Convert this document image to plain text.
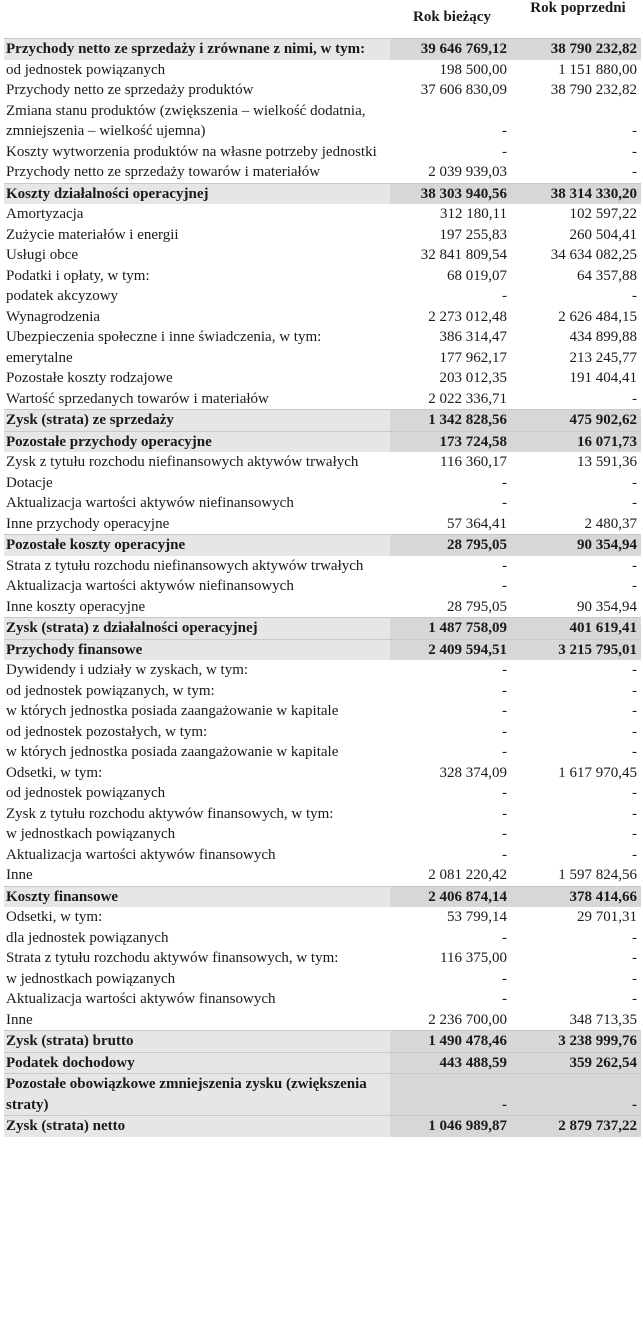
Rok bieżący
Rok poprzedni
Przychody netto ze sprzedaży i zrównane z nimi, w tym:	39 646 769,12	38 790 232,82
od jednostek powiązanych	198 500,00	1 151 880,00
Przychody netto ze sprzedaży produktów	37 606 830,09	38 790 232,82
Zmiana stanu produktów (zwiększenia – wielkość dodatnia, zmniejszenia – wielkość ujemna)	-	-
Koszty wytworzenia produktów na własne potrzeby jednostki	-	-
Przychody netto ze sprzedaży towarów i materiałów	2 039 939,03	-
Koszty działalności operacyjnej	38 303 940,56	38 314 330,20
Amortyzacja	312 180,11	102 597,22
Zużycie materiałów i energii	197 255,83	260 504,41
Usługi obce	32 841 809,54	34 634 082,25
Podatki i opłaty, w tym:	68 019,07	64 357,88
podatek akcyzowy	-	-
Wynagrodzenia	2 273 012,48	2 626 484,15
Ubezpieczenia społeczne i inne świadczenia, w tym:	386 314,47	434 899,88
emerytalne	177 962,17	213 245,77
Pozostałe koszty rodzajowe	203 012,35	191 404,41
Wartość sprzedanych towarów i materiałów	2 022 336,71	-
Zysk (strata) ze sprzedaży	1 342 828,56	475 902,62
Pozostałe przychody operacyjne	173 724,58	16 071,73
Zysk z tytułu rozchodu niefinansowych aktywów trwałych	116 360,17	13 591,36
Dotacje	-	-
Aktualizacja wartości aktywów niefinansowych	-	-
Inne przychody operacyjne	57 364,41	2 480,37
Pozostałe koszty operacyjne	28 795,05	90 354,94
Strata z tytułu rozchodu niefinansowych aktywów trwałych	-	-
Aktualizacja wartości aktywów niefinansowych	-	-
Inne koszty operacyjne	28 795,05	90 354,94
Zysk (strata) z działalności operacyjnej	1 487 758,09	401 619,41
Przychody finansowe	2 409 594,51	3 215 795,01
Dywidendy i udziały w zyskach, w tym:	-	-
od jednostek powiązanych, w tym:	-	-
w których jednostka posiada zaangażowanie w kapitale	-	-
od jednostek pozostałych, w tym:	-	-
w których jednostka posiada zaangażowanie w kapitale	-	-
Odsetki, w tym:	328 374,09	1 617 970,45
od jednostek powiązanych	-	-
Zysk z tytułu rozchodu aktywów finansowych, w tym:	-	-
w jednostkach powiązanych	-	-
Aktualizacja wartości aktywów finansowych	-	-
Inne	2 081 220,42	1 597 824,56
Koszty finansowe	2 406 874,14	378 414,66
Odsetki, w tym:	53 799,14	29 701,31
dla jednostek powiązanych	-	-
Strata z tytułu rozchodu aktywów finansowych, w tym:	116 375,00	-
w jednostkach powiązanych	-	-
Aktualizacja wartości aktywów finansowych	-	-
Inne	2 236 700,00	348 713,35
Zysk (strata) brutto	1 490 478,46	3 238 999,76
Podatek dochodowy	443 488,59	359 262,54
Pozostałe obowiązkowe zmniejszenia zysku (zwiększenia straty)	-	-
Zysk (strata) netto	1 046 989,87	2 879 737,22
